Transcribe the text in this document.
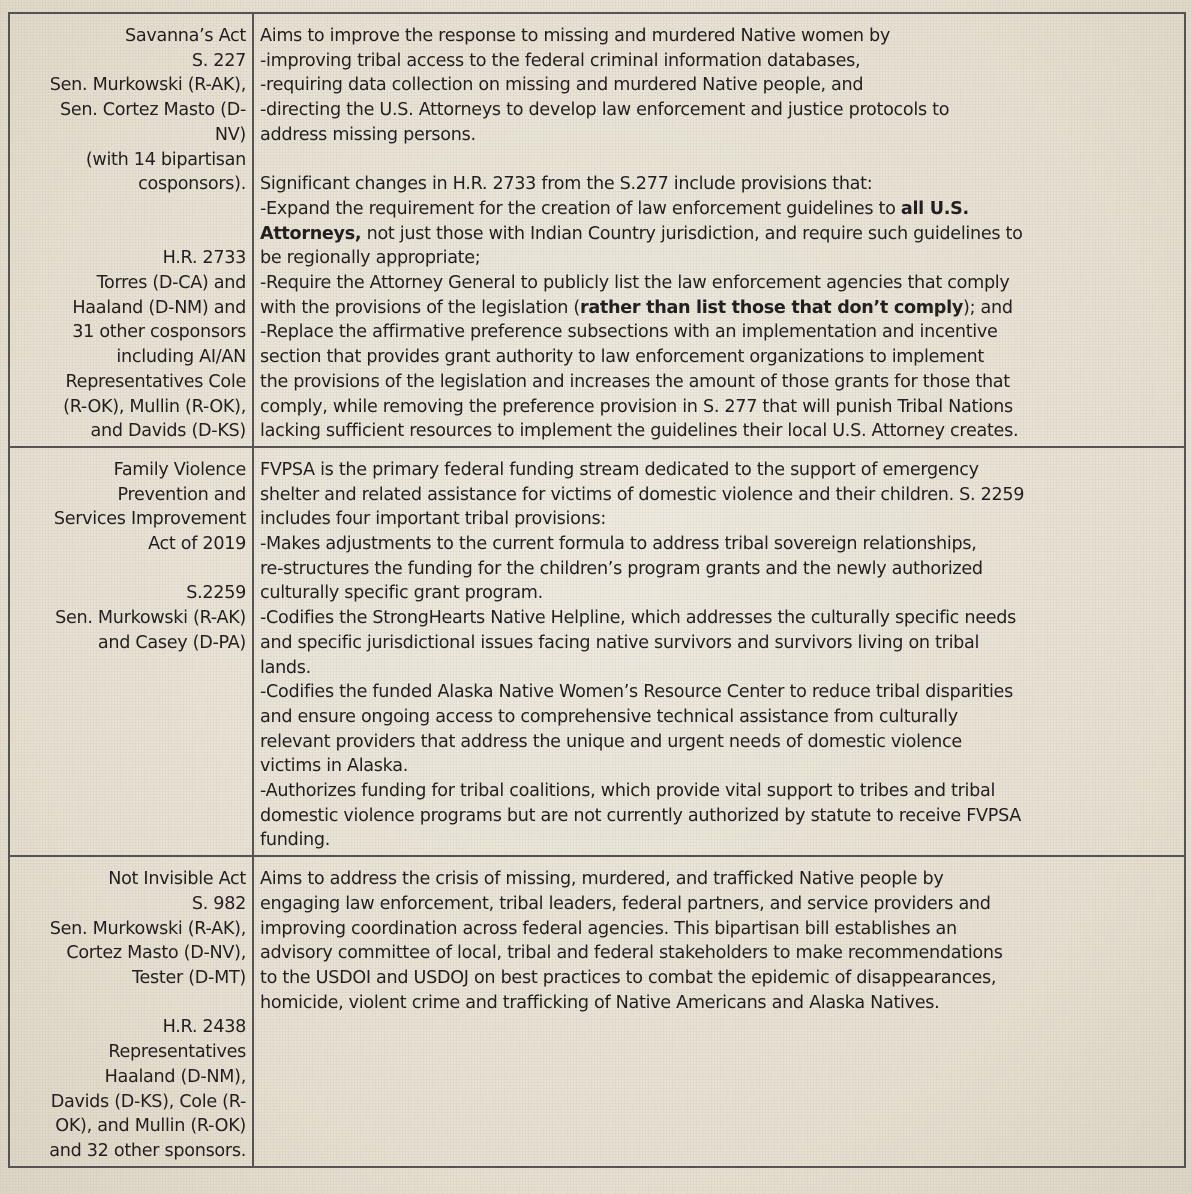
Savanna’s Act
S. 227
Sen. Murkowski (R-AK),
Sen. Cortez Masto (D-
NV)
(with 14 bipartisan
cosponsors).
H.R. 2733
Torres (D-CA) and
Haaland (D-NM) and
31 other cosponsors
including AI/AN
Representatives Cole
(R-OK), Mullin (R-OK),
and Davids (D-KS)
Aims to improve the response to missing and murdered Native women by
-improving tribal access to the federal criminal information databases,
-requiring data collection on missing and murdered Native people, and
-directing the U.S. Attorneys to develop law enforcement and justice protocols to
address missing persons.
Significant changes in H.R. 2733 from the S.277 include provisions that:
-Expand the requirement for the creation of law enforcement guidelines to all U.S.
Attorneys, not just those with Indian Country jurisdiction, and require such guidelines to
be regionally appropriate;
-Require the Attorney General to publicly list the law enforcement agencies that comply
with the provisions of the legislation (rather than list those that don’t comply); and
-Replace the affirmative preference subsections with an implementation and incentive
section that provides grant authority to law enforcement organizations to implement
the provisions of the legislation and increases the amount of those grants for those that
comply, while removing the preference provision in S. 277 that will punish Tribal Nations
lacking sufficient resources to implement the guidelines their local U.S. Attorney creates.
Family Violence
Prevention and
Services Improvement
Act of 2019
S.2259
Sen. Murkowski (R-AK)
and Casey (D-PA)
FVPSA is the primary federal funding stream dedicated to the support of emergency
shelter and related assistance for victims of domestic violence and their children. S. 2259
includes four important tribal provisions:
-Makes adjustments to the current formula to address tribal sovereign relationships,
re-structures the funding for the children’s program grants and the newly authorized
culturally specific grant program.
-Codifies the StrongHearts Native Helpline, which addresses the culturally specific needs
and specific jurisdictional issues facing native survivors and survivors living on tribal
lands.
-Codifies the funded Alaska Native Women’s Resource Center to reduce tribal disparities
and ensure ongoing access to comprehensive technical assistance from culturally
relevant providers that address the unique and urgent needs of domestic violence
victims in Alaska.
-Authorizes funding for tribal coalitions, which provide vital support to tribes and tribal
domestic violence programs but are not currently authorized by statute to receive FVPSA
funding.
Not Invisible Act
S. 982
Sen. Murkowski (R-AK),
Cortez Masto (D-NV),
Tester (D-MT)
H.R. 2438
Representatives
Haaland (D-NM),
Davids (D-KS), Cole (R-
OK), and Mullin (R-OK)
and 32 other sponsors.
Aims to address the crisis of missing, murdered, and trafficked Native people by
engaging law enforcement, tribal leaders, federal partners, and service providers and
improving coordination across federal agencies. This bipartisan bill establishes an
advisory committee of local, tribal and federal stakeholders to make recommendations
to the USDOI and USDOJ on best practices to combat the epidemic of disappearances,
homicide, violent crime and trafficking of Native Americans and Alaska Natives.
